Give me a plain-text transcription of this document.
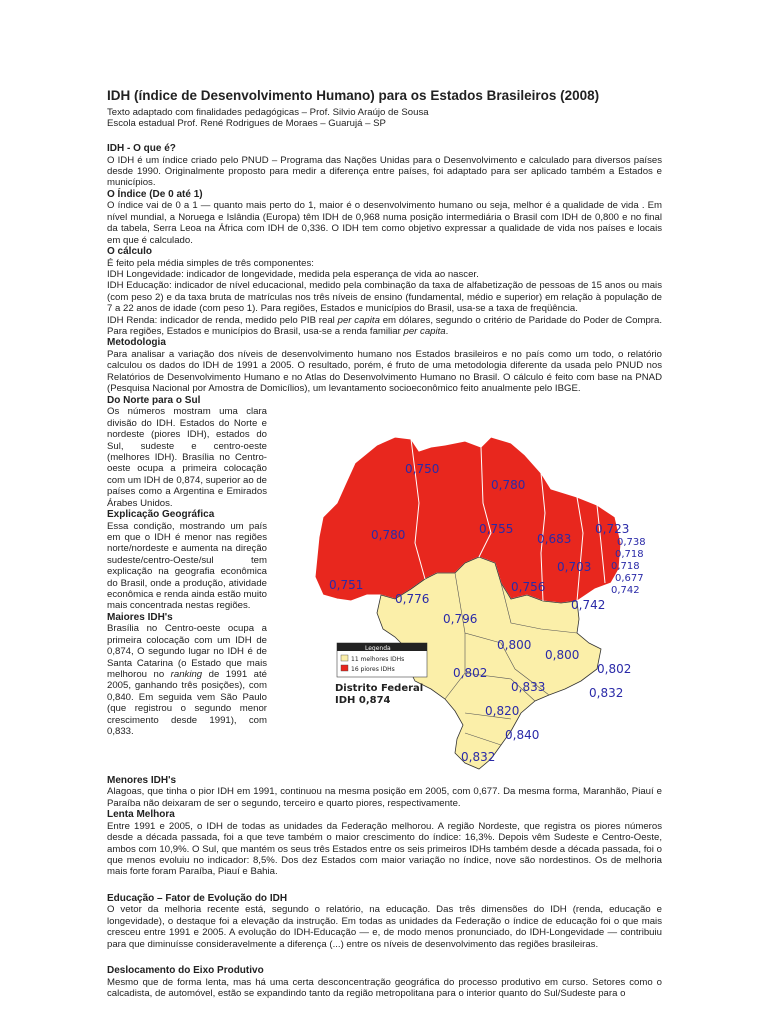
IDH (índice de Desenvolvimento Humano) para os Estados Brasileiros (2008)

Texto adaptado com finalidades pedagógicas – Prof. Silvio Araújo de Sousa

Escola estadual Prof. René Rodrigues de Moraes – Guarujá – SP

IDH - O que é?

O IDH é um índice criado pelo PNUD – Programa das Nações Unidas para o Desenvolvimento e calculado para diversos países desde 1990. Originalmente proposto para medir a diferença entre países, foi adaptado para ser aplicado também a Estados e municípios.

O Índice (De 0 até 1)

O índice vai de 0 a 1 — quanto mais perto do 1, maior é o desenvolvimento humano ou seja, melhor é a qualidade de vida . Em nível mundial, a Noruega e Islândia (Europa) têm IDH de 0,968 numa posição intermediária o Brasil com IDH de 0,800 e no final da tabela, Serra Leoa na África com IDH de 0,336. O IDH tem como objetivo expressar a qualidade de vida nos países e locais em que é calculado.

O cálculo

É feito pela média simples de três componentes:

IDH Longevidade: indicador de longevidade, medida pela esperança de vida ao nascer.

IDH Educação: indicador de nível educacional, medido pela combinação da taxa de alfabetização de pessoas de 15 anos ou mais (com peso 2) e da taxa bruta de matrículas nos três níveis de ensino (fundamental, médio e superior) em relação à população de 7 a 22 anos de idade (com peso 1). Para regiões, Estados e municípios do Brasil, usa-se a taxa de freqüência.

IDH Renda: indicador de renda, medido pelo PIB real per capita em dólares, segundo o critério de Paridade do Poder de Compra. Para regiões, Estados e municípios do Brasil, usa-se a renda familiar per capita.

Metodologia

Para analisar a variação dos níveis de desenvolvimento humano nos Estados brasileiros e no país como um todo, o relatório calculou os dados do IDH de 1991 a 2005. O resultado, porém, é fruto de uma metodologia diferente da usada pelo PNUD nos Relatórios de Desenvolvimento Humano e no Atlas do Desenvolvimento Humano no Brasil. O cálculo é feito com base na PNAD (Pesquisa Nacional por Amostra de Domicílios), um levantamento socioeconômico feito anualmente pelo IBGE.

Do Norte para o Sul

Os números mostram uma clara divisão do IDH. Estados do Norte e nordeste (piores IDH), estados do Sul, sudeste e centro-oeste (melhores IDH). Brasília no Centro-oeste ocupa a primeira colocação com um IDH de 0,874, superior ao de países como a Argentina e Emirados Árabes Unidos.

Explicação Geográfica

Essa condição, mostrando um país em que o IDH é menor nas regiões norte/nordeste e aumenta na direção sudeste/centro-Oeste/sul tem explicação na geografia econômica do Brasil, onde a produção, atividade econômica e renda ainda estão muito mais concentrada nestas regiões.

Maiores IDH's

Brasília no Centro-oeste ocupa a primeira colocação com um IDH de 0,874, O segundo lugar no IDH é de Santa Catarina (o Estado que mais melhorou no ranking de 1991 até 2005, ganhando três posições), com 0,840. Em seguida vem São Paulo (que registrou o segundo menor crescimento desde 1991), com 0,833.

0,750
0,780
0,780	0,755
0,683
0,723
0,703
0,751
0,776
0,756
0,742
0,796
0,800
0,800
0,802
0,802
0,833	0,832
0,820
0,840
0,832
0,738
0,718
0,718
0,677
0,742
Legenda
11 melhores IDHs
16 piores IDHs
Distrito Federal
IDH 0,874

Menores IDH's

Alagoas, que tinha o pior IDH em 1991, continuou na mesma posição em 2005, com 0,677. Da mesma forma, Maranhão, Piauí e Paraíba não deixaram de ser o segundo, terceiro e quarto piores, respectivamente.

Lenta Melhora

Entre 1991 e 2005, o IDH de todas as unidades da Federação melhorou. A região Nordeste, que registra os piores números desde a década passada, foi a que teve também o maior crescimento do índice: 16,3%. Depois vêm Sudeste e Centro-Oeste, ambos com 10,9%. O Sul, que mantém os seus três Estados entre os seis primeiros IDHs também desde a década passada, foi o que menos evoluiu no indicador: 8,5%. Dos dez Estados com maior variação no índice, nove são nordestinos. Os de melhoria mais forte foram Paraíba, Piauí e Bahia.

Educação – Fator de Evolução do IDH

O vetor da melhoria recente está, segundo o relatório, na educação. Das três dimensões do IDH (renda, educação e longevidade), o destaque foi a elevação da instrução. Em todas as unidades da Federação o índice de educação foi o que mais cresceu entre 1991 e 2005. A evolução do IDH-Educação — e, de modo menos pronunciado, do IDH-Longevidade — contribuiu para que diminuísse consideravelmente a diferença (...) entre os níveis de desenvolvimento das regiões brasileiras.

Deslocamento do Eixo Produtivo

Mesmo que de forma lenta, mas há uma certa desconcentração geográfica do processo produtivo em curso. Setores como o calcadista, de automóvel, estão se expandindo tanto da região metropolitana para o interior quanto do Sul/Sudeste para o
